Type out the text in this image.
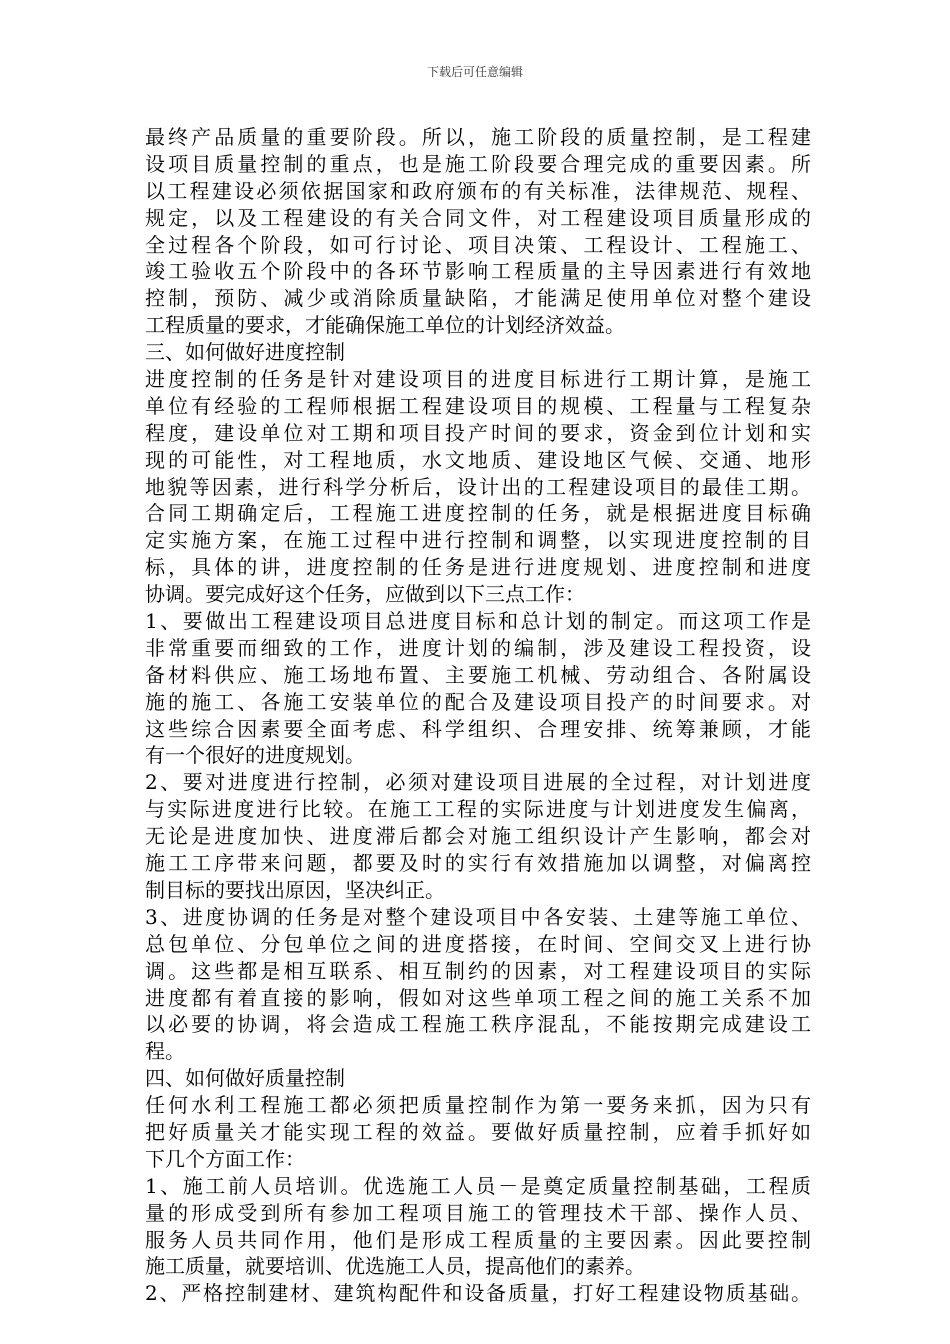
下载后可任意编辑
最终产品质量的重要阶段。所以，施工阶段的质量控制，是工程建
设项目质量控制的重点，也是施工阶段要合理完成的重要因素。所
以工程建设必须依据国家和政府颁布的有关标准，法律规范、规程、
规定，以及工程建设的有关合同文件，对工程建设项目质量形成的
全过程各个阶段，如可行讨论、项目决策、工程设计、工程施工、
竣工验收五个阶段中的各环节影响工程质量的主导因素进行有效地
控制，预防、减少或消除质量缺陷，才能满足使用单位对整个建设
工程质量的要求，才能确保施工单位的计划经济效益。
三、如何做好进度控制
进度控制的任务是针对建设项目的进度目标进行工期计算，是施工
单位有经验的工程师根据工程建设项目的规模、工程量与工程复杂
程度，建设单位对工期和项目投产时间的要求，资金到位计划和实
现的可能性，对工程地质，水文地质、建设地区气候、交通、地形
地貌等因素，进行科学分析后，设计出的工程建设项目的最佳工期。
合同工期确定后，工程施工进度控制的任务，就是根据进度目标确
定实施方案，在施工过程中进行控制和调整，以实现进度控制的目
标，具体的讲，进度控制的任务是进行进度规划、进度控制和进度
协调。要完成好这个任务，应做到以下三点工作：
1、要做出工程建设项目总进度目标和总计划的制定。而这项工作是
非常重要而细致的工作，进度计划的编制，涉及建设工程投资，设
备材料供应、施工场地布置、主要施工机械、劳动组合、各附属设
施的施工、各施工安装单位的配合及建设项目投产的时间要求。对
这些综合因素要全面考虑、科学组织、合理安排、统筹兼顾，才能
有一个很好的进度规划。
2、要对进度进行控制，必须对建设项目进展的全过程，对计划进度
与实际进度进行比较。在施工工程的实际进度与计划进度发生偏离，
无论是进度加快、进度滞后都会对施工组织设计产生影响，都会对
施工工序带来问题，都要及时的实行有效措施加以调整，对偏离控
制目标的要找出原因，坚决纠正。
3、进度协调的任务是对整个建设项目中各安装、土建等施工单位、
总包单位、分包单位之间的进度搭接，在时间、空间交叉上进行协
调。这些都是相互联系、相互制约的因素，对工程建设项目的实际
进度都有着直接的影响，假如对这些单项工程之间的施工关系不加
以必要的协调，将会造成工程施工秩序混乱，不能按期完成建设工
程。
四、如何做好质量控制
任何水利工程施工都必须把质量控制作为第一要务来抓，因为只有
把好质量关才能实现工程的效益。要做好质量控制，应着手抓好如
下几个方面工作：
1、施工前人员培训。优选施工人员－是奠定质量控制基础，工程质
量的形成受到所有参加工程项目施工的管理技术干部、操作人员、
服务人员共同作用，他们是形成工程质量的主要因素。因此要控制
施工质量，就要培训、优选施工人员，提高他们的素养。
2、严格控制建材、建筑构配件和设备质量，打好工程建设物质基础。
